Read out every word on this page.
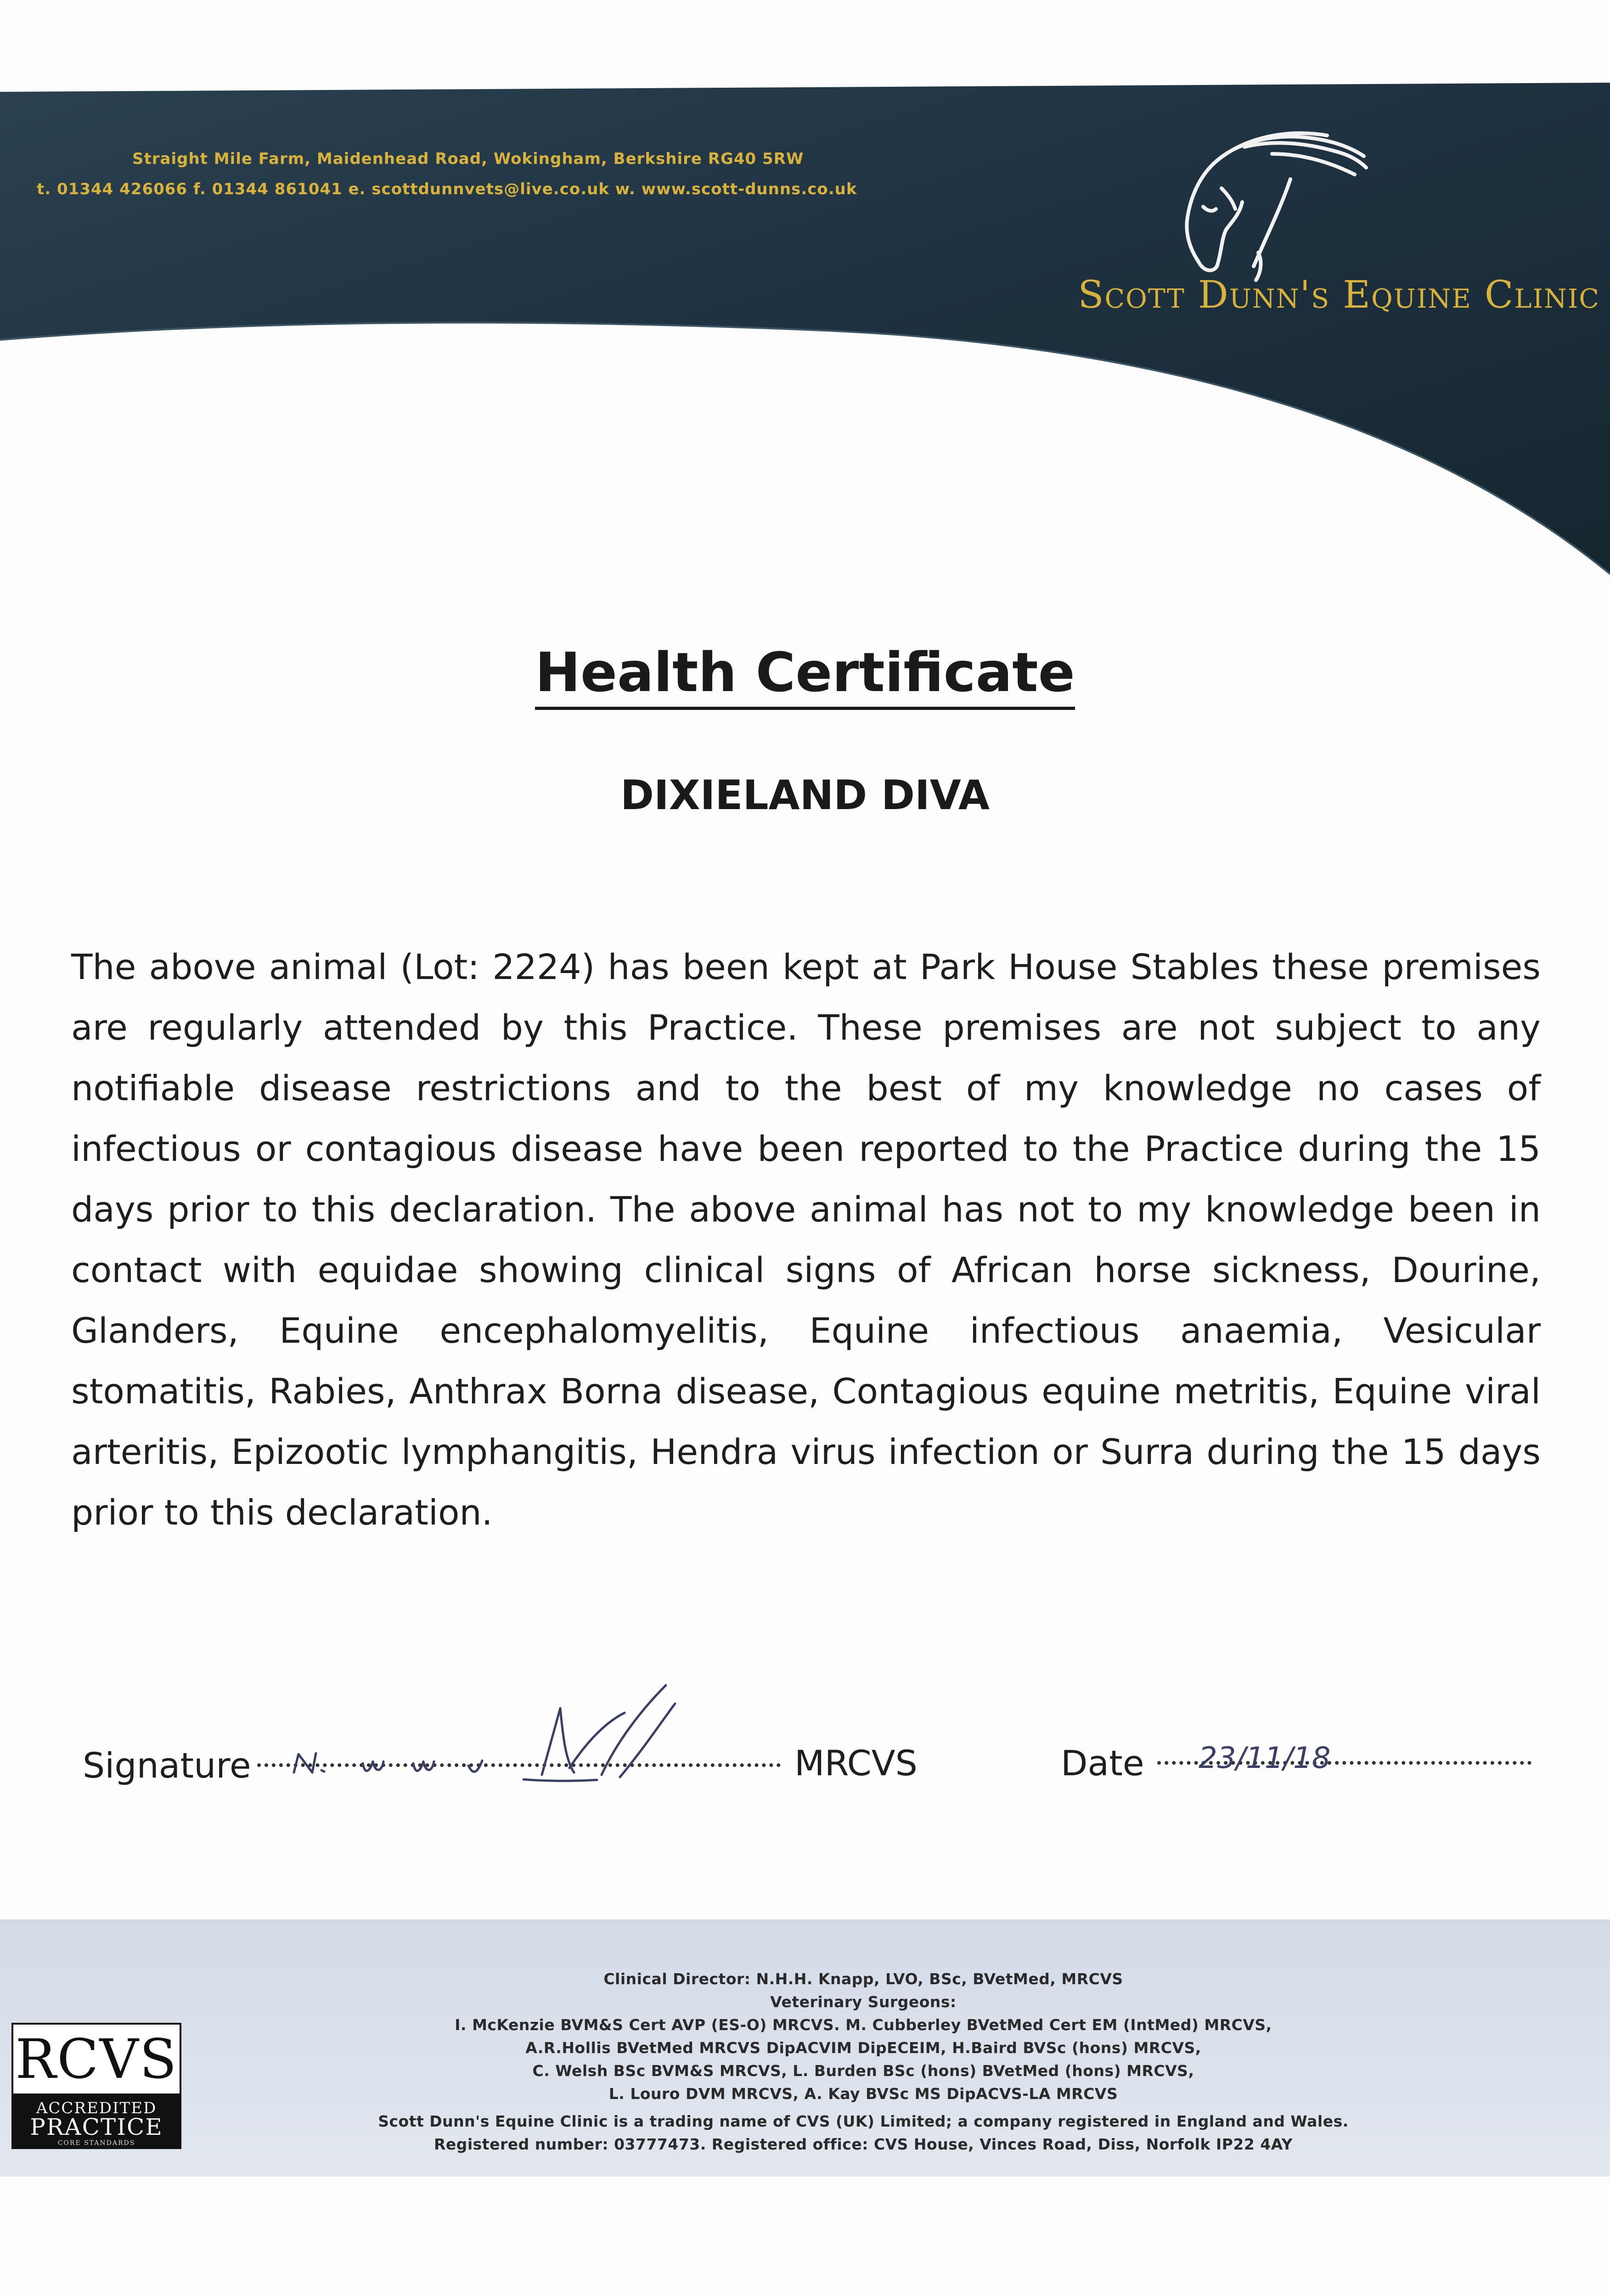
Straight Mile Farm, Maidenhead Road, Wokingham, Berkshire RG40 5RW
t. 01344 426066 f. 01344 861041 e. scottdunnvets@live.co.uk w. www.scott-dunns.co.uk
Scott Dunn's Equine Clinic
Health Certificate
DIXIELAND DIVA
The above animal (Lot: 2224) has been kept at Park House Stables these premises are regularly attended by this Practice. These premises are not subject to any notifiable disease restrictions and to the best of my knowledge no cases of infectious or contagious disease have been reported to the Practice during the 15 days prior to this declaration. The above animal has not to my knowledge been in contact with equidae showing clinical signs of African horse sickness, Dourine, Glanders, Equine encephalomyelitis, Equine infectious anaemia, Vesicular stomatitis, Rabies, Anthrax Borna disease, Contagious equine metritis, Equine viral arteritis, Epizootic lymphangitis, Hendra virus infection or Surra during the 15 days prior to this declaration.
Signature	MRCVS	Date 23/11/18
RCVS
ACCREDITED
PRACTICE
CORE STANDARDS
Clinical Director: N.H.H. Knapp, LVO, BSc, BVetMed, MRCVS
Veterinary Surgeons:
I. McKenzie BVM&S Cert AVP (ES-O) MRCVS. M. Cubberley BVetMed Cert EM (IntMed) MRCVS,
A.R.Hollis BVetMed MRCVS DipACVIM DipECEIM, H.Baird BVSc (hons) MRCVS,
C. Welsh BSc BVM&S MRCVS, L. Burden BSc (hons) BVetMed (hons) MRCVS,
L. Louro DVM MRCVS, A. Kay BVSc MS DipACVS-LA MRCVS
Scott Dunn's Equine Clinic is a trading name of CVS (UK) Limited; a company registered in England and Wales.
Registered number: 03777473. Registered office: CVS House, Vinces Road, Diss, Norfolk IP22 4AY
